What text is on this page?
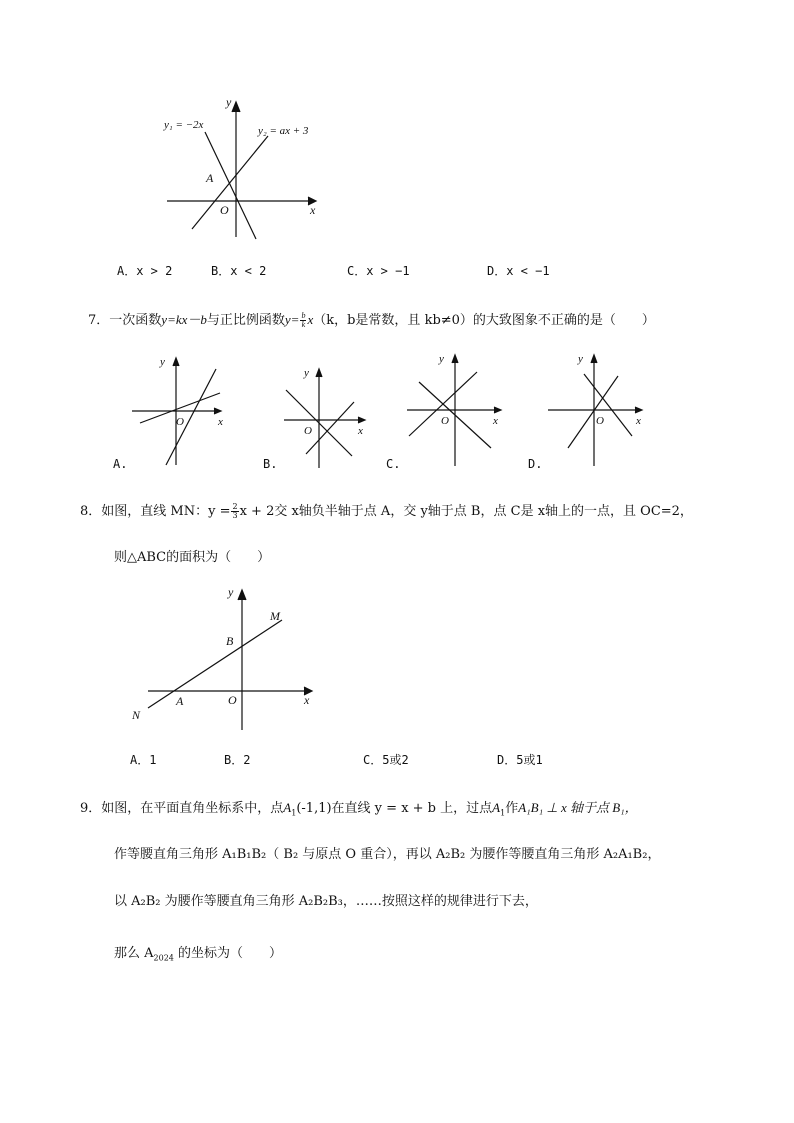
y
x
O
A
y₁ = −2x	y₂ = ax + 3
A．x > 2	B．x < 2	C．x > −1	D．x < −1
7．一次函数y=kx－b与正比例函数$y= \frac{b}{k} x(k$，b是常数，且 kb≠0）的大致图象不正确的是（　　）
y
x
O
A.
y
x
O
B.
y
x
O
C.
y
x
O
D.
8．如图，直线 MN：$y = \frac{2}{3}$ x + 2交 x轴负半轴于点 A，交 y轴于点 B，点 C是 x轴上的一点，且 OC=2，
则△ABC的面积为（　　）
y
x
O
A
B
M
N
A．1	B．2	C．5或2	D．5或1
9．如图，在平面直角坐标系中，点$A_1(-1,1)$在直线 y = x + b 上，过点$A_1$作A₁B₁ ⊥ x 轴于点 B₁，
作等腰直角三角形 A₁B₁B₂（ B₂ 与原点 O 重合），再以 A₂B₂ 为腰作等腰直角三角形 A₂A₁B₂，
以 A₂B₂ 为腰作等腰直角三角形 A₂B₂B₃，……按照这样的规律进行下去，
那么 $A_{2024}$ 的坐标为（　　）
